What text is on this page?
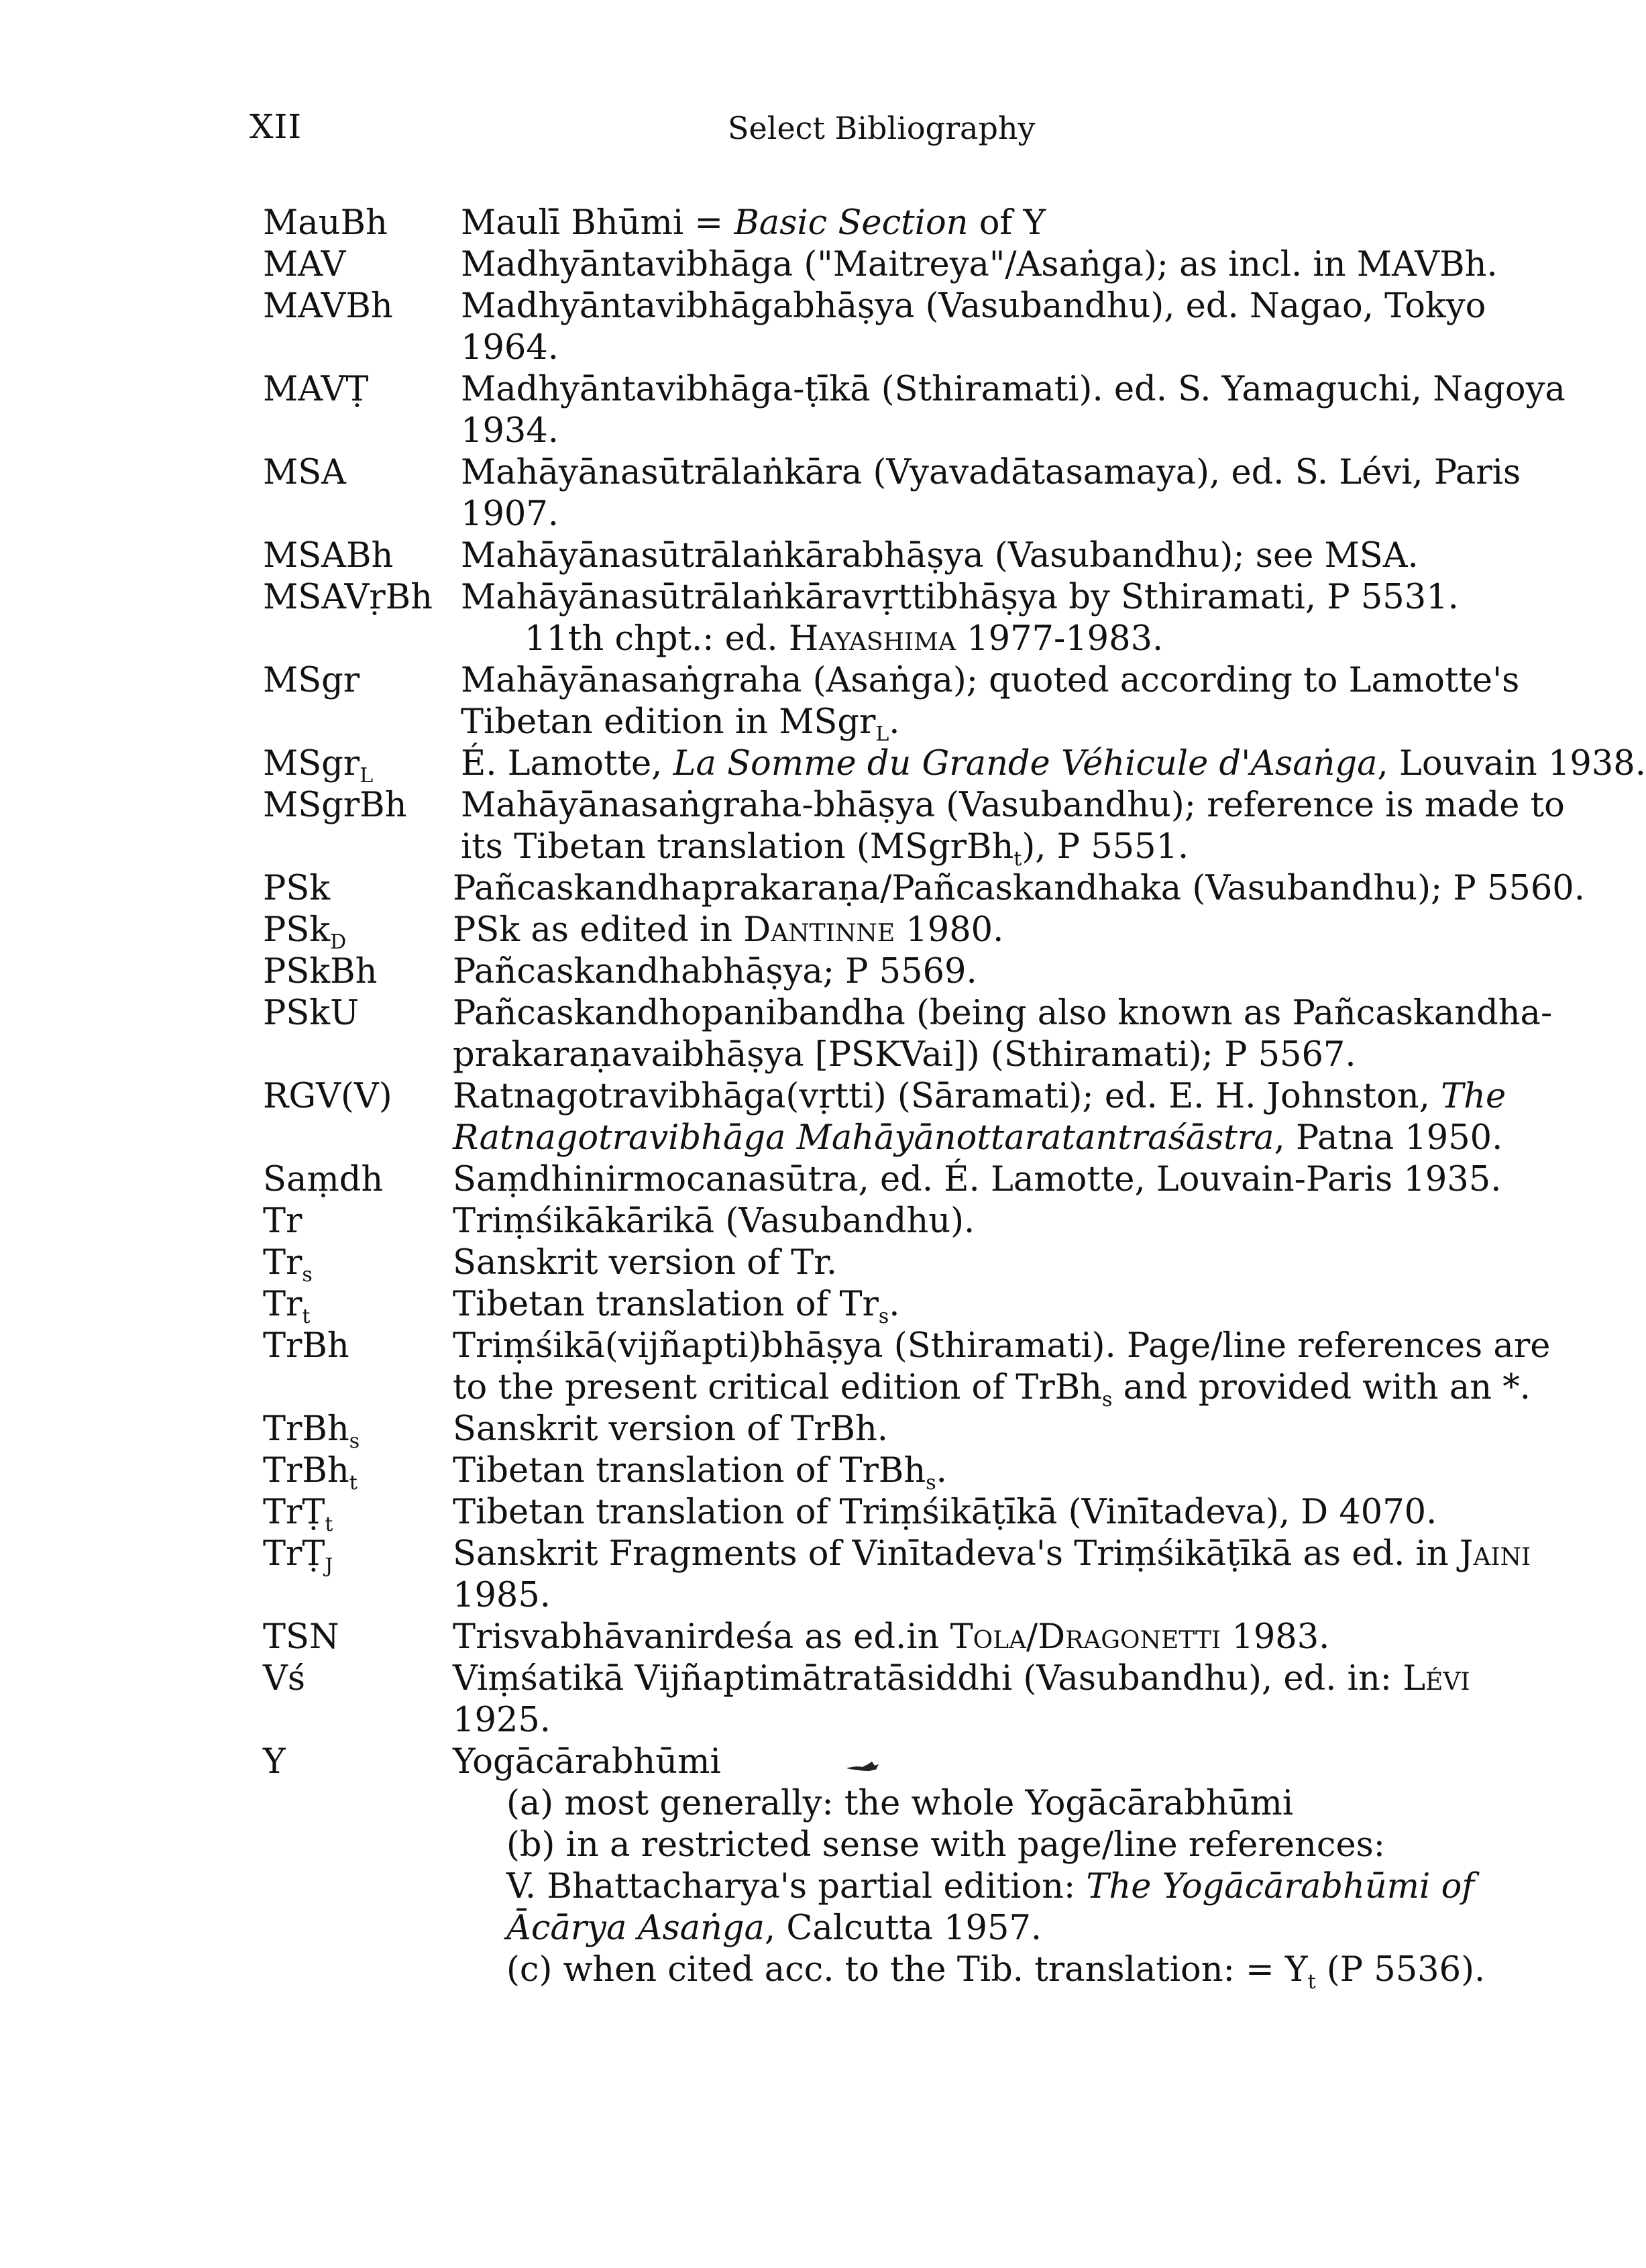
XII	Select Bibliography
MauBh Maulī Bhūmi = Basic Section of Y
MAV	Madhyāntavibhāga ("Maitreya"/Asaṅga); as incl. in MAVBh.
MAVBh Madhyāntavibhāgabhāṣya (Vasubandhu), ed. Nagao, Tokyo
1964.
MAVṬ	Madhyāntavibhāga-ṭīkā (Sthiramati). ed. S. Yamaguchi, Nagoya
1934.
MSA	Mahāyānasūtrālaṅkāra (Vyavadātasamaya), ed. S. Lévi, Paris
1907.
MSABh Mahāyānasūtrālaṅkārabhāṣya (Vasubandhu); see MSA.
MSAVṛBh Mahāyānasūtrālaṅkāravṛttibhāṣya by Sthiramati, P 5531.
11th chpt.: ed. Hayashima 1977-1983.
MSgr	Mahāyānasaṅgraha (Asaṅga); quoted according to Lamotte's
Tibetan edition in MSgr$_L$.
MSgr$_L$	É. Lamotte, La Somme du Grande Véhicule d'Asaṅga, Louvain 1938.
MSgrBh Mahāyānasaṅgraha-bhāṣya (Vasubandhu); reference is made to
its Tibetan translation (MSgrBh$_t$), P 5551.
PSk	Pañcaskandhaprakaraṇa/Pañcaskandhaka (Vasubandhu); P 5560.
PSk$_D$	PSk as edited in Dantinne 1980.
PSkBh Pañcaskandhabhāṣya; P 5569.
PSkU	Pañcaskandhopanibandha (being also known as Pañcaskandha-
prakaraṇavaibhāṣya [PSKVai]) (Sthiramati); P 5567.
RGV(V) Ratnagotravibhāga(vṛtti) (Sāramati); ed. E. H. Johnston, The
Ratnagotravibhāga Mahāyānottaratantraśāstra, Patna 1950.
Saṃdh Saṃdhinirmocanasūtra, ed. É. Lamotte, Louvain-Paris 1935.
Tr	Triṃśikākārikā (Vasubandhu).
$Tr_s$	Sanskrit version of Tr.
$Tr_t$	Tibetan translation of $Tr_s$.
TrBh	Triṃśikā(vijñapti)bhāṣya (Sthiramati). Page/line references are
to the present critical edition of TrBh$_s$ and provided with an *.
TrBh$_s$	Sanskrit version of TrBh.
TrBh$_t$	Tibetan translation of TrBh$_s$.
TrṬ$_t$	Tibetan translation of Triṃśikāṭīkā (Vinītadeva), D 4070.
TrṬ$_J$	Sanskrit Fragments of Vinītadeva's Triṃśikāṭīkā as ed. in Jaini
1985.
TSN	Trisvabhāvanirdeśa as ed.in Tola/Dragonetti 1983.
Vś	Viṃśatikā Vijñaptimātratāsiddhi (Vasubandhu), ed. in: Lévi
1925.
Y	Yogācārabhūmi
(a) most generally: the whole Yogācārabhūmi
(b) in a restricted sense with page/line references:
V. Bhattacharya's partial edition: The Yogācārabhūmi of
Ācārya Asaṅga, Calcutta 1957.
(c) when cited acc. to the Tib. translation: = $Y_t$ (P 5536).
